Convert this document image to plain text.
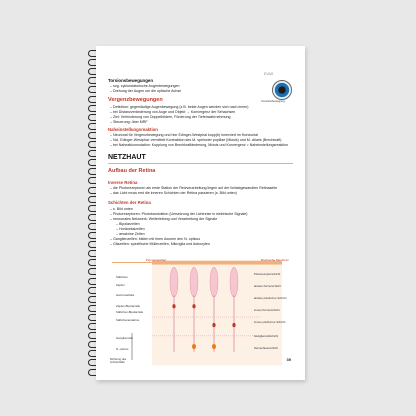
EVAS
Vorwärtsbewegung
Torsionsbewegungen
– sog. zyklorotatorische Augenbewegungen
– Drehung der Augen um die optische Achse
Vergenzbewegungen
– Definition: gegenläufige Augenbewegung (z.B. beide Augen wenden sich nach innen)
– bei Distanzveränderung von Auge und Objekt → Konvergenz der Sehachsen
– Ziel: Verhinderung von Doppelbildern, Förderung der Tiefenwahrnehmung
– Steuerung: über MRF
Naheinstellungsreaktion
– Neuronal für Vergenzbewegung und hier Edinger-Westphal kopp(b) innerviert im Horizontal
– Ncl. Edinger-Westphal: vermittelt Kontraktion des M. sphincter pupillae (Miosis) und M. ciliaris (Brechkraft)
– bei Naheakkomodation: Kopplung von Brechkraftänderung, Miosis und Konvergenz = Naheinstellungsreaktion
NETZHAUT
Aufbau der Retina
Inverse Retina
– die Photorezeptoren als erste Station der Reizverarbeitung liegen auf der lichtabgewandten Retinaseite
– das Licht muss erst die inneren Schichten der Retina passieren (s. Bild unten)
Schichten der Retina
– s. Bild unten
– Photorezeptoren: Photokanduktion (Umsetzung der Lichtreize in elektrische Signale)
– neuronales Netzwerk: Weiterleitung und Verarbeitung der Signale
– Bipolarzellen
– Horizontalzellen
– amakrine Zellen
– Ganglienzellen: bilden mit ihren Axonen den N. opticus
– Gliazellen: spezifische Müllerzellen, Mikroglia und Astrozyten
Pigmentepithel	Bruchsche Membran
Richtung des Lichteinfalls
39
Stäbchen
Zapfen
Horizontalzelle
Zapfen-Bipolarzelle
Stäbchen-Bipolarzelle
Stäbchenamakrine
Ganglienzelle
N. opticus
Photorezeptorschicht
äußere Körnerschicht
äußere plexiforme Schicht
innere Körnerschicht
innere plexiforme Schicht
Ganglienzellschicht
Nervenfaserschicht
